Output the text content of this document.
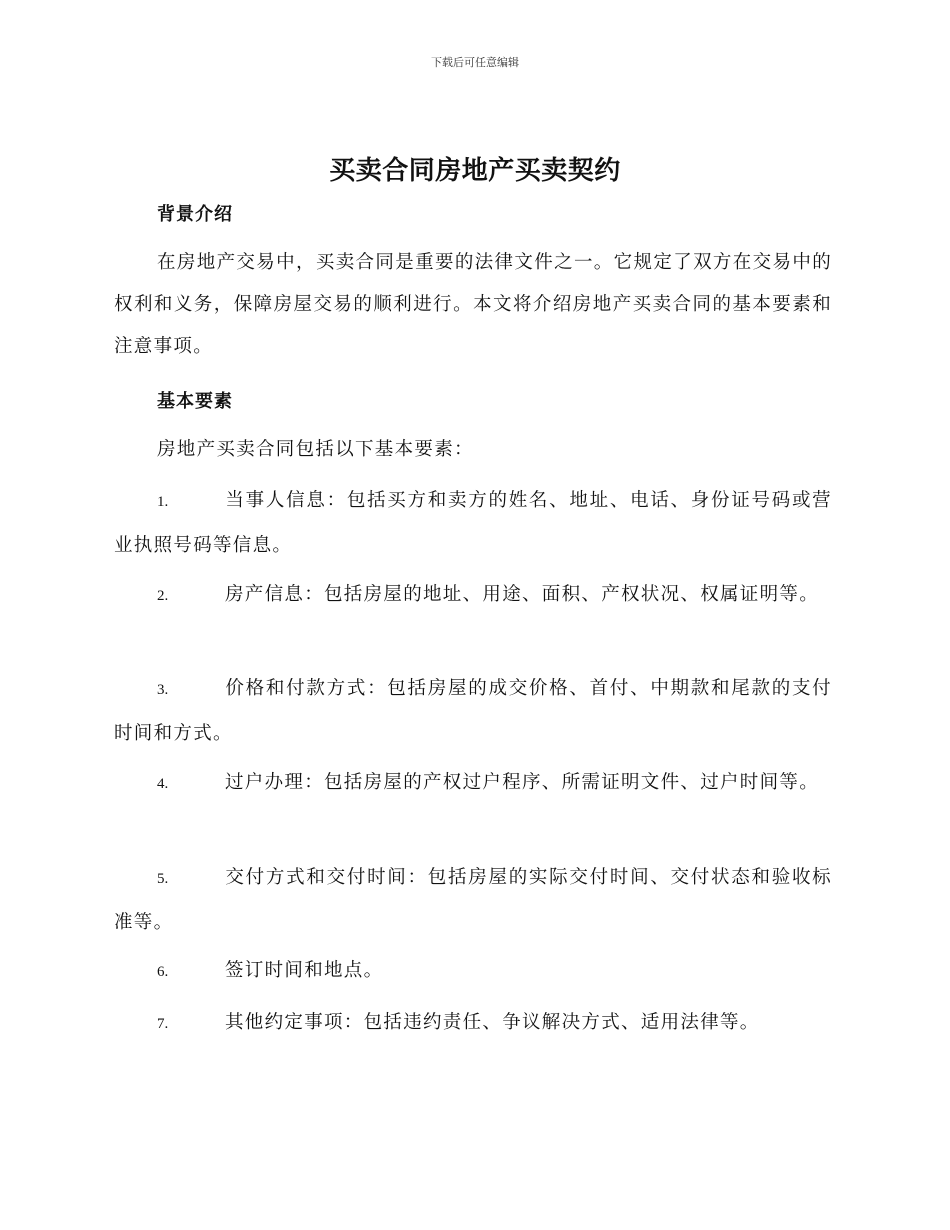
下载后可任意编辑
买卖合同房地产买卖契约
背景介绍
在房地产交易中，买卖合同是重要的法律文件之一。它规定了双方在交易中的权利和义务，保障房屋交易的顺利进行。本文将介绍房地产买卖合同的基本要素和注意事项。
基本要素
房地产买卖合同包括以下基本要素：
1.	当事人信息：包括买方和卖方的姓名、地址、电话、身份证号码或营业执照号码等信息。
2.	房产信息：包括房屋的地址、用途、面积、产权状况、权属证明等。
3.	价格和付款方式：包括房屋的成交价格、首付、中期款和尾款的支付时间和方式。
4.	过户办理：包括房屋的产权过户程序、所需证明文件、过户时间等。
5.	交付方式和交付时间：包括房屋的实际交付时间、交付状态和验收标准等。
6.	签订时间和地点。
7.	其他约定事项：包括违约责任、争议解决方式、适用法律等。
